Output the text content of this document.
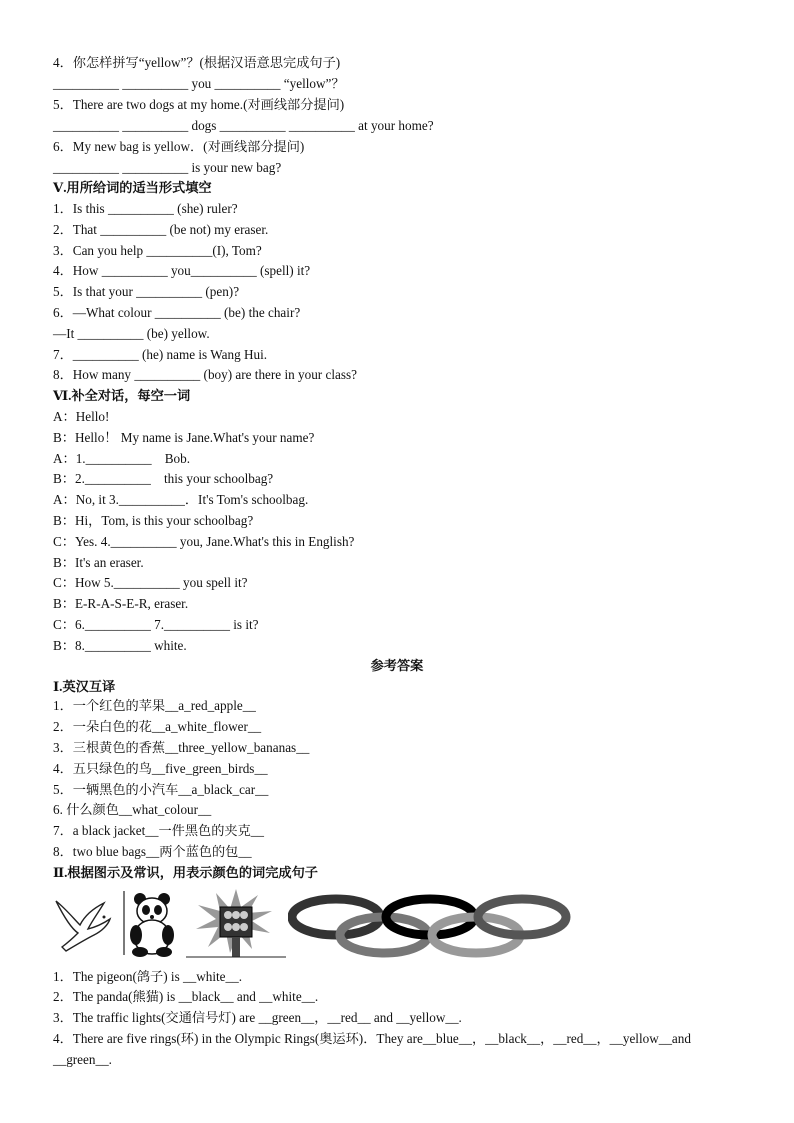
4．你怎样拼写“yellow”？(根据汉语意思完成句子)
__________ __________ you __________ “yellow”？
5．There are two dogs at my home.(对画线部分提问)
__________ __________ dogs __________ __________ at your home?
6．My new bag is yellow．(对画线部分提问)
__________ __________ is your new bag?
Ⅴ.用所给词的适当形式填空
1．Is this __________ (she) ruler?
2．That __________ (be not) my eraser.
3．Can you help __________(I), Tom?
4．How __________ you__________ (spell) it?
5．Is that your __________ (pen)?
6．—What colour __________ (be) the chair?
—It __________ (be) yellow.
7．__________ (he) name is Wang Hui.
8．How many __________ (boy) are there in your class?
Ⅵ.补全对话，每空一词
A：Hello!
B：Hello！ My name is Jane.What's your name?
A：1.__________    Bob.
B：2.__________    this your schoolbag?
A：No, it 3.__________．It's Tom's schoolbag.
B：Hi，Tom, is this your schoolbag?
C：Yes. 4.__________ you, Jane.What's this in English?
B：It's an eraser.
C：How 5.__________ you spell it?
B：E-R-A-S-E-R, eraser.
C：6.__________ 7.__________ is it?
B：8.__________ white.
参考答案
Ⅰ.英汉互译
1．一个红色的苹果__a_red_apple__
2．一朵白色的花__a_white_flower__
3．三根黄色的香蕉__three_yellow_bananas__
4．五只绿色的鸟__five_green_birds__
5．一辆黑色的小汽车__a_black_car__
6. 什么颜色__what_colour__
7．a black jacket__一件黑色的夹克__
8．two blue bags__两个蓝色的包__
Ⅱ.根据图示及常识，用表示颜色的词完成句子
1．The pigeon(鸽子) is __white__.
2．The panda(熊猫) is __black__ and __white__.
3．The traffic lights(交通信号灯) are __green__，__red__ and __yellow__.
4．There are five rings(环) in the Olympic Rings(奥运环)．They are__blue__，__black__，__red__，__yellow__and
__green__.
